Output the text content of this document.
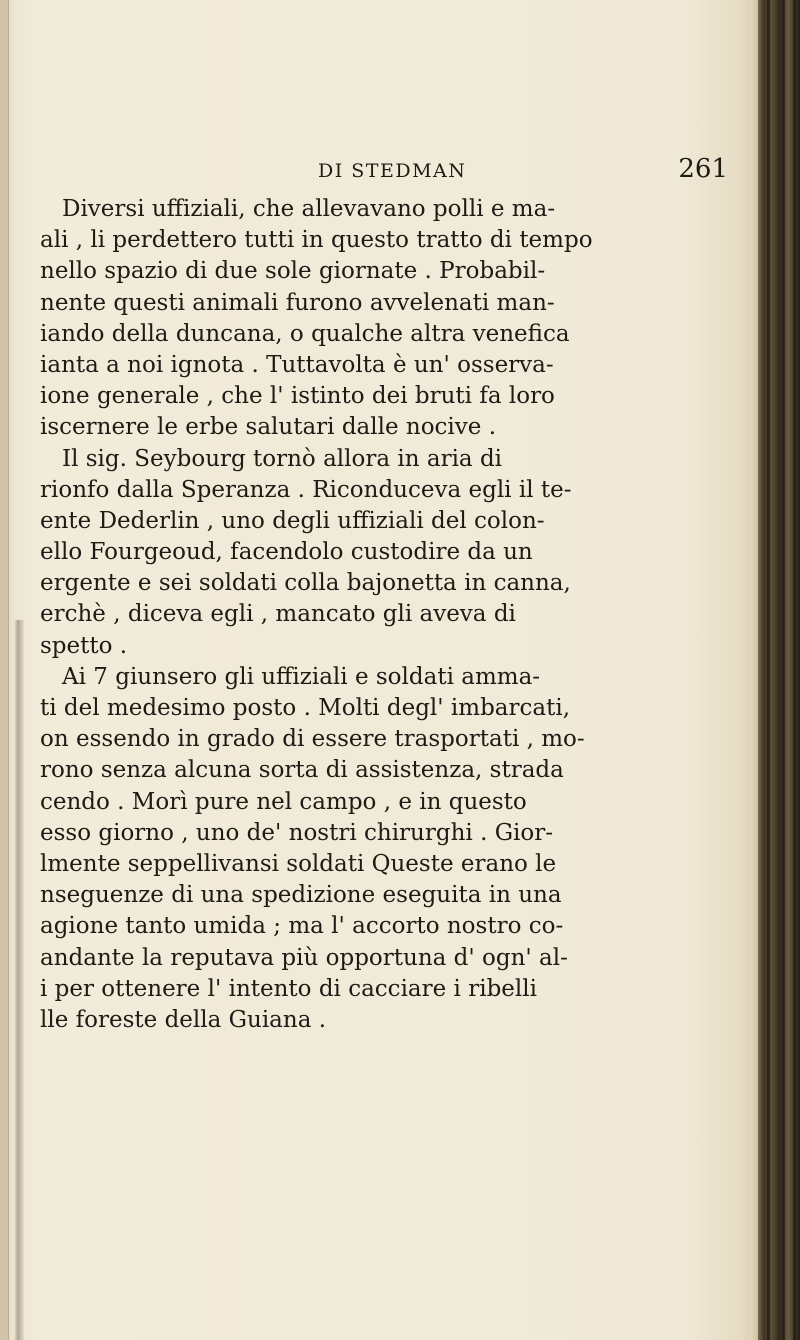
DI STEDMAN	261
Diversi uffiziali, che allevavano polli e ma-
ali , li perdettero tutti in questo tratto di tempo
nello spazio di due sole giornate . Probabil-
nente questi animali furono avvelenati man-
iando della duncana, o qualche altra venefica
ianta a noi ignota . Tuttavolta è un' osserva-
ione generale , che l' istinto dei bruti fa loro
iscernere le erbe salutari dalle nocive .
Il sig. Seybourg tornò allora in aria di
rionfo dalla Speranza . Riconduceva egli il te-
ente Dederlin , uno degli uffiziali del colon-
ello Fourgeoud, facendolo custodire da un
ergente e sei soldati colla bajonetta in canna,
erchè , diceva egli , mancato gli aveva di
spetto .
Ai 7 giunsero gli uffiziali e soldati amma-
ti del medesimo posto . Molti degl' imbarcati,
on essendo in grado di essere trasportati , mo-
rono senza alcuna sorta di assistenza, strada
cendo . Morì pure nel campo , e in questo
esso giorno , uno de' nostri chirurghi . Gior-
lmente seppellivansi soldati Queste erano le
nseguenze di una spedizione eseguita in una
agione tanto umida ; ma l' accorto nostro co-
andante la reputava più opportuna d' ogn' al-
i per ottenere l' intento di cacciare i ribelli
lle foreste della Guiana .
